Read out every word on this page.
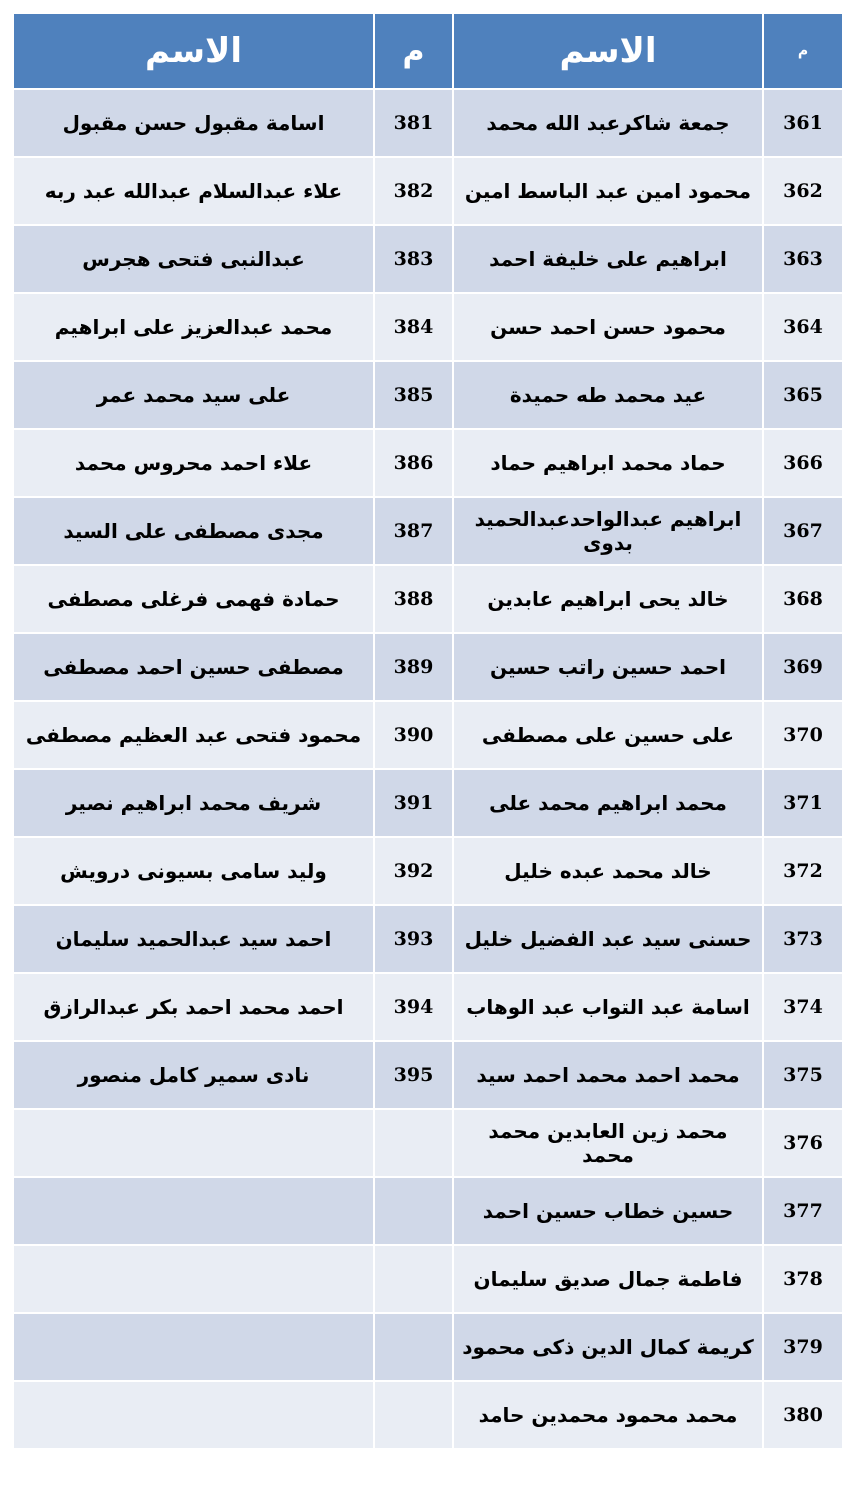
الاسم	م	الاسم	م
اسامة مقبول حسن مقبول	381	جمعة شاكرعبد الله محمد	361
علاء عبدالسلام عبدالله عبد ربه	382	محمود امين عبد الباسط امين	362
عبدالنبى فتحى هجرس	383	ابراهيم على خليفة احمد	363
محمد عبدالعزيز على ابراهيم	384	محمود حسن احمد حسن	364
على سيد محمد عمر	385	عيد محمد طه حميدة	365
علاء احمد محروس محمد	386	حماد محمد ابراهيم حماد	366
مجدى مصطفى على السيد	387	ابراهيم عبدالواحدعبدالحميد بدوى	367
حمادة فهمى فرغلى مصطفى	388	خالد يحى ابراهيم عابدين	368
مصطفى حسين احمد مصطفى	389	احمد حسين راتب حسين	369
محمود فتحى عبد العظيم مصطفى	390	على حسين على مصطفى	370
شريف محمد ابراهيم نصير	391	محمد ابراهيم محمد على	371
وليد سامى بسيونى درويش	392	خالد محمد عبده خليل	372
احمد سيد عبدالحميد سليمان	393	حسنى سيد عبد الفضيل خليل	373
احمد محمد احمد بكر عبدالرازق	394	اسامة عبد التواب عبد الوهاب	374
نادى سمير كامل منصور	395	محمد احمد محمد احمد سيد	375
		محمد زين العابدين محمد محمد	376
		حسين خطاب حسين احمد	377
		فاطمة جمال صديق سليمان	378
		كريمة كمال الدين ذكى محمود	379
		محمد محمود محمدين حامد	380
